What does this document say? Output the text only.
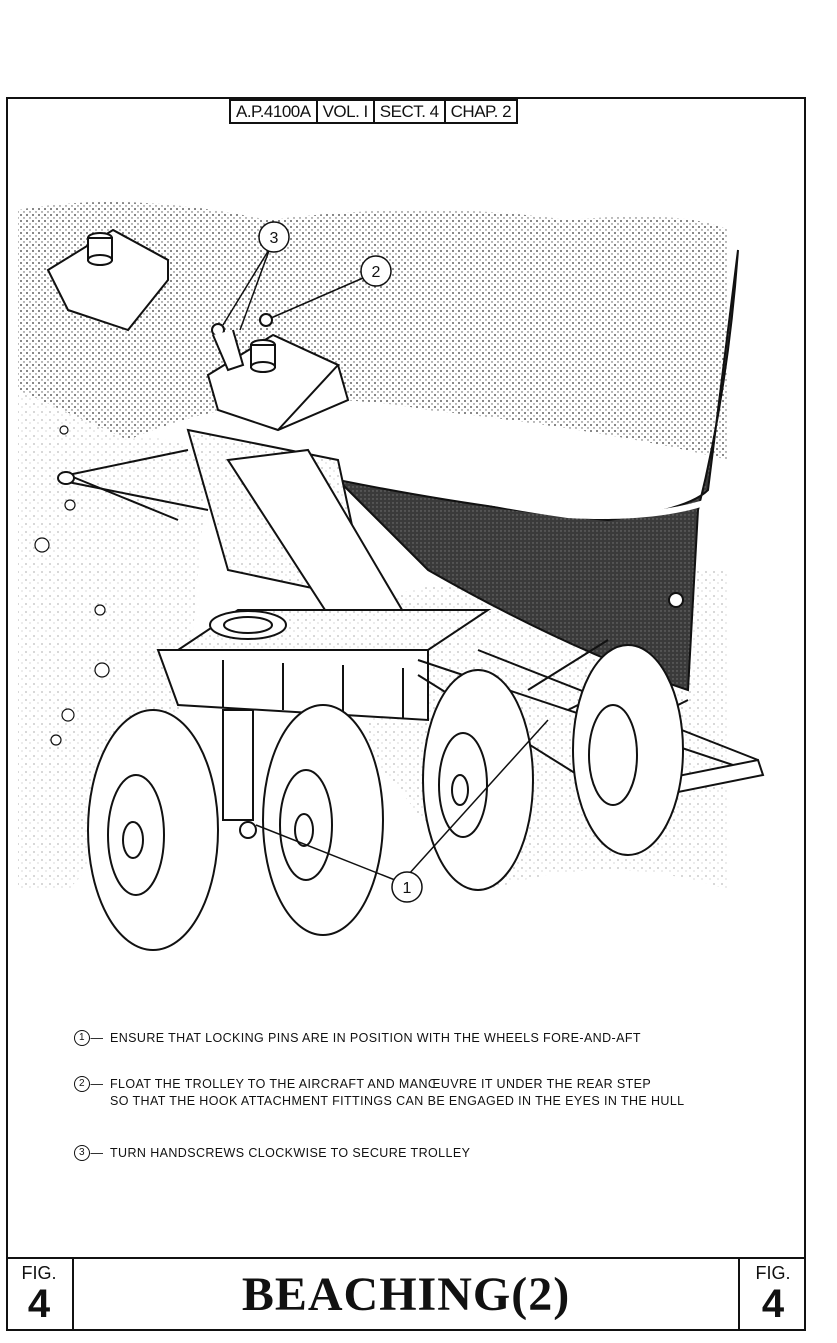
A.P.4100A VOL. I SECT. 4 CHAP. 2
3
2
1
1 — ENSURE THAT LOCKING PINS ARE IN POSITION WITH THE WHEELS FORE-AND-AFT
2 — FLOAT THE TROLLEY TO THE AIRCRAFT AND MANŒUVRE IT UNDER THE REAR STEP
SO THAT THE HOOK ATTACHMENT FITTINGS CAN BE ENGAGED IN THE EYES IN THE HULL
3 — TURN HANDSCREWS CLOCKWISE TO SECURE TROLLEY
FIG.
4	BEACHING(2)	FIG.
4
